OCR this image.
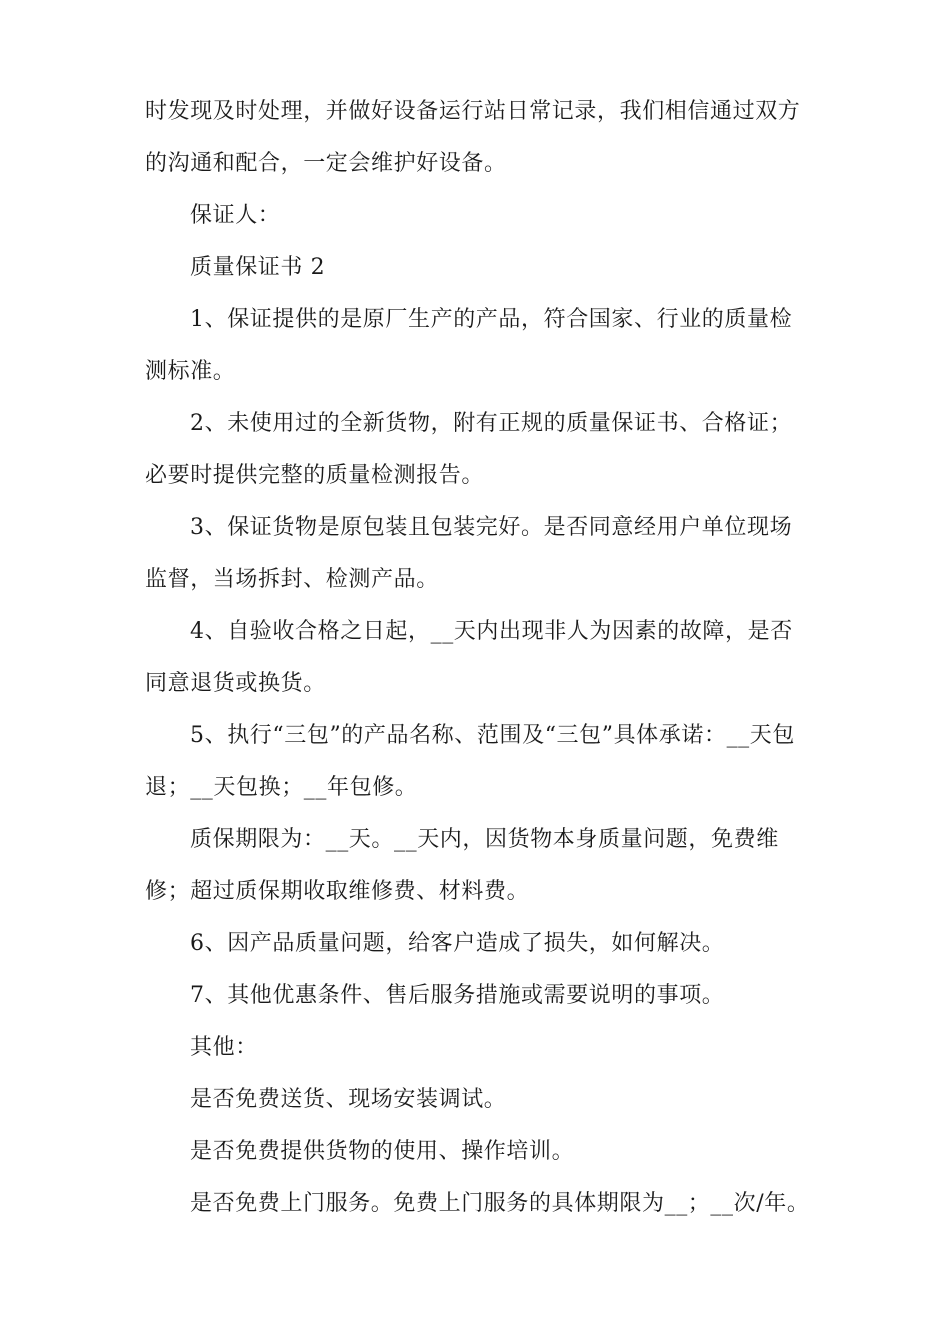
时发现及时处理，并做好设备运行站日常记录，我们相信通过双方的沟通和配合，一定会维护好设备。

保证人：

质量保证书 2

1、保证提供的是原厂生产的产品，符合国家、行业的质量检测标准。

2、未使用过的全新货物，附有正规的质量保证书、合格证；必要时提供完整的质量检测报告。

3、保证货物是原包装且包装完好。是否同意经用户单位现场监督，当场拆封、检测产品。

4、自验收合格之日起，__天内出现非人为因素的故障，是否同意退货或换货。

5、执行“三包”的产品名称、范围及“三包”具体承诺：__天包退；__天包换；__年包修。

质保期限为：__天。__天内，因货物本身质量问题，免费维修；超过质保期收取维修费、材料费。

6、因产品质量问题，给客户造成了损失，如何解决。

7、其他优惠条件、售后服务措施或需要说明的事项。

其他：

是否免费送货、现场安装调试。

是否免费提供货物的使用、操作培训。

是否免费上门服务。免费上门服务的具体期限为__；__次/年。
